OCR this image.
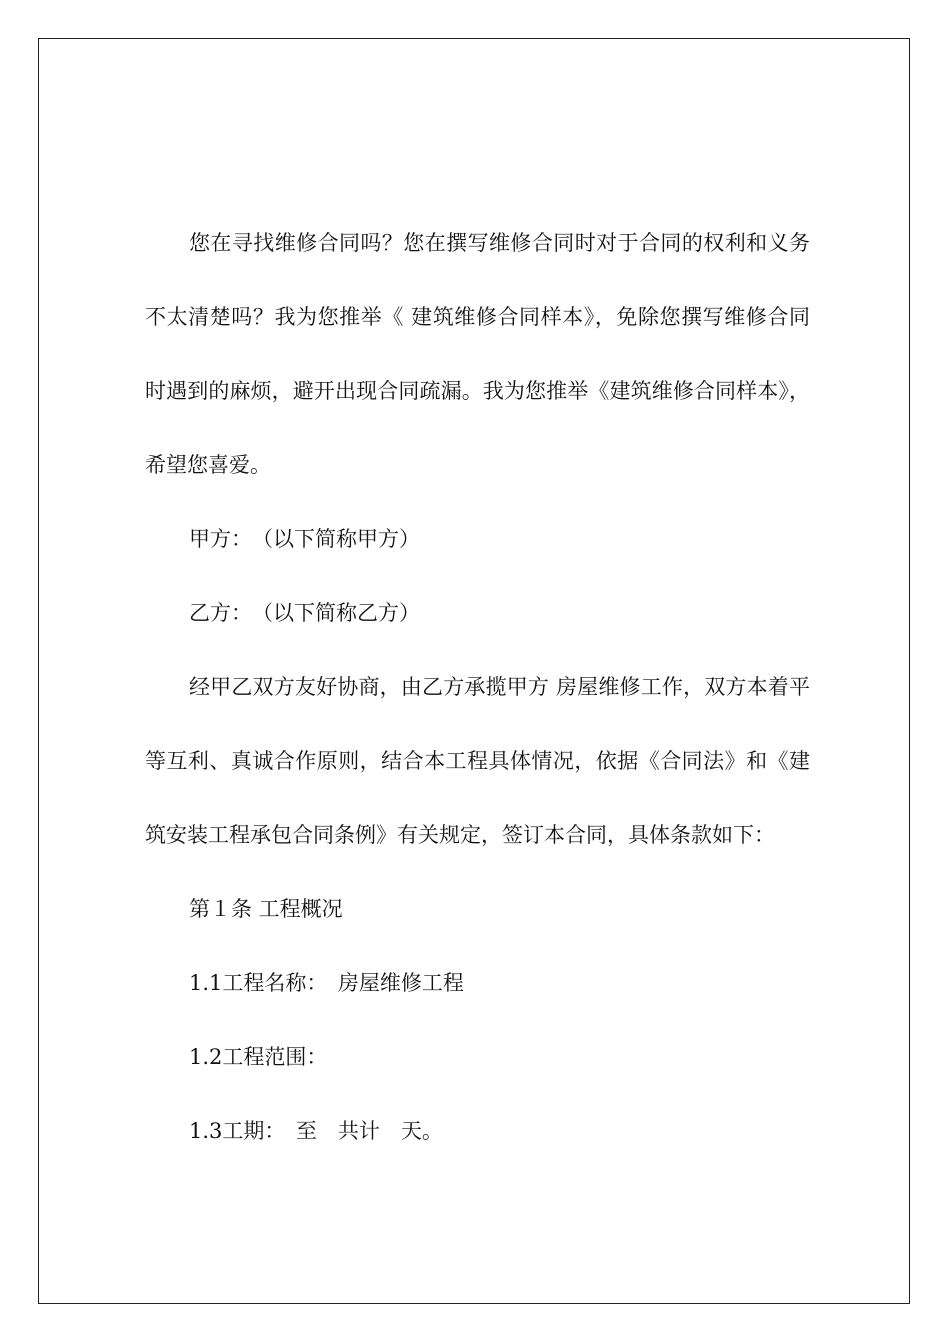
您在寻找维修合同吗？您在撰写维修合同时对于合同的权利和义务不太清楚吗？我为您推举《 建筑维修合同样本》，免除您撰写维修合同时遇到的麻烦，避开出现合同疏漏。我为您推举《建筑维修合同样本》，希望您喜爱。

甲方：　（以下简称甲方）

乙方：　（以下简称乙方）

经甲乙双方友好协商，由乙方承揽甲方 房屋维修工作，双方本着平等互利、真诚合作原则，结合本工程具体情况，依据《合同法》和《建筑安装工程承包合同条例》有关规定，签订本合同，具体条款如下：

第１条 工程概况

1.1工程名称：　房屋维修工程

1.2工程范围：

1.3工期：　至　共计　天。
